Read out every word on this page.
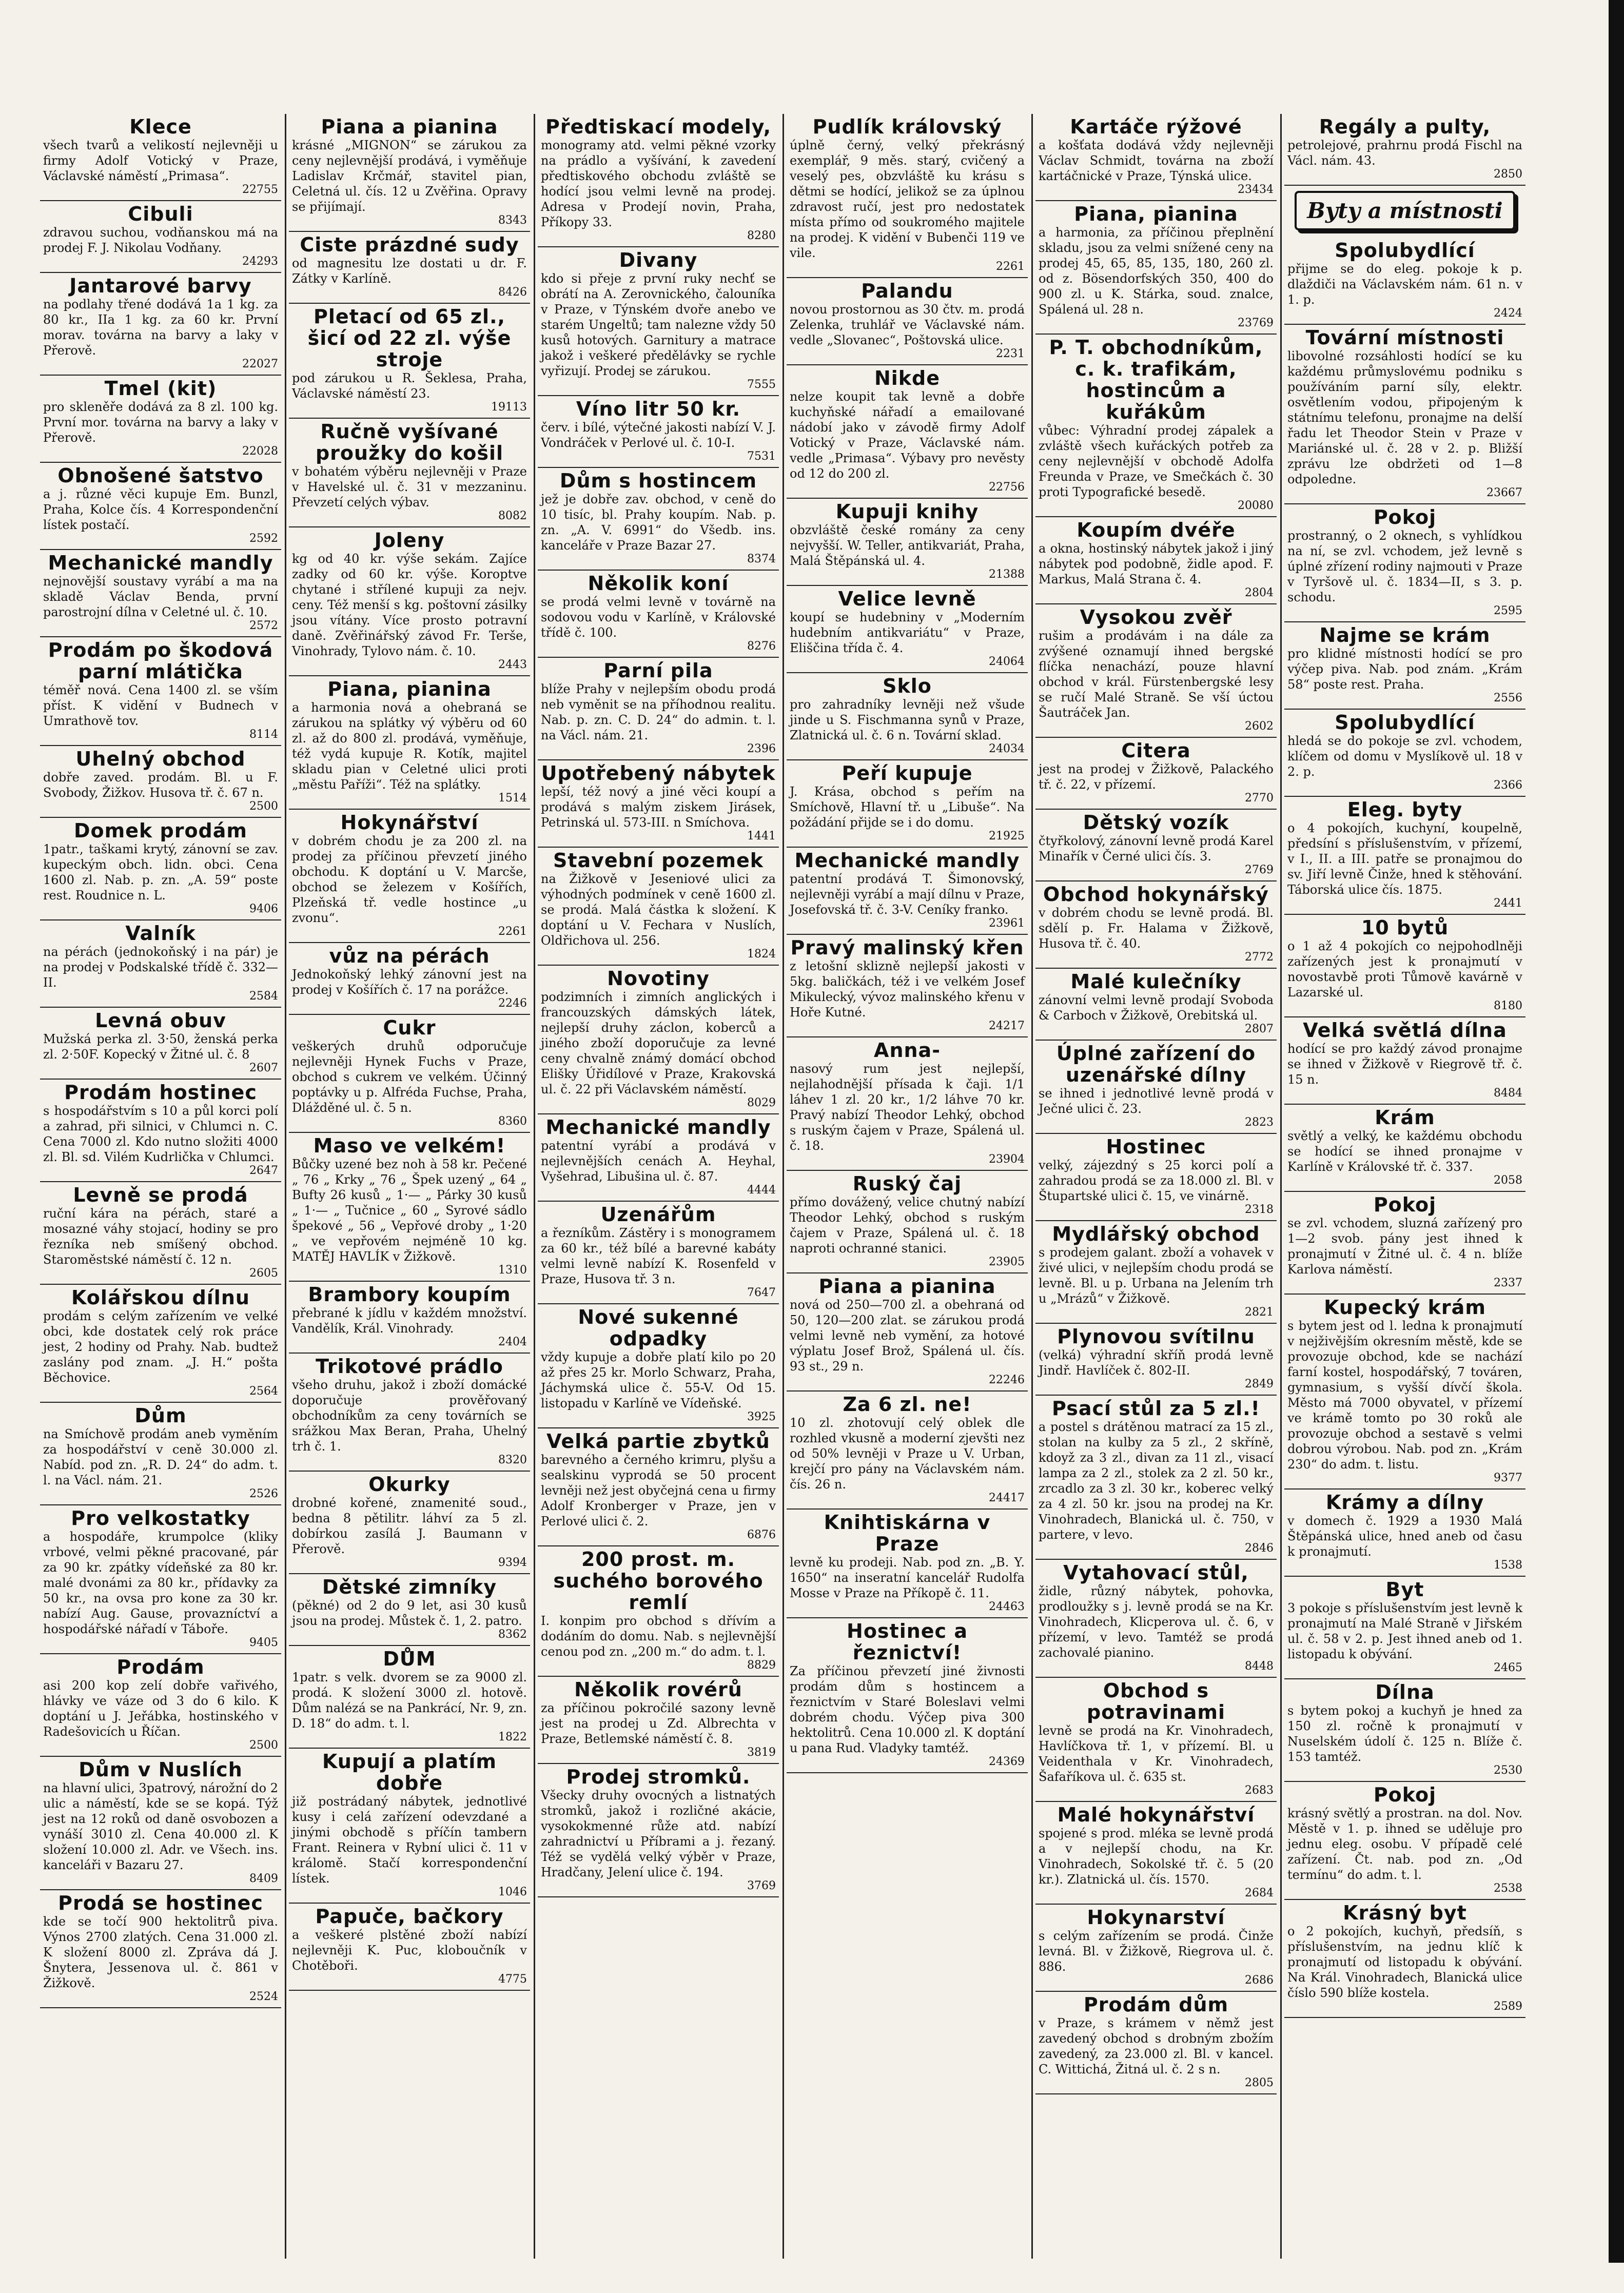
Klece
všech tvarů a velikostí nejlevněji u firmy Adolf Votický v Praze, Václavské náměstí „Primasa“.
22755
Cibuli
zdravou suchou, vodňanskou má na prodej F. J. Nikolau Vodňany.
24293
Jantarové barvy
na podlahy třené dodává 1a 1 kg. za 80 kr., IIa 1 kg. za 60 kr. První morav. továrna na barvy a laky v Přerově.
22027
Tmel (kit)
pro skleněře dodává za 8 zl. 100 kg. První mor. továrna na barvy a laky v Přerově.
22028
Obnošené šatstvo
a j. různé věci kupuje Em. Bunzl, Praha, Kolce čís. 4 Korrespondenční lístek postačí.
2592
Mechanické mandly
nejnovější soustavy vyrábí a ma na skladě Václav Benda, první parostrojní dílna v Celetné ul. č. 10.
2572
Prodám po škodová parní mlátička
téměř nová. Cena 1400 zl. se vším příst. K vidění v Budnech v Umrathově tov.
8114
Uhelný obchod
dobře zaved. prodám. Bl. u F. Svobody, Žižkov. Husova tř. č. 67 n.
2500
Domek prodám
1patr., taškami krytý, zánovní se zav. kupeckým obch. lidn. obci. Cena 1600 zl. Nab. p. zn. „A. 59“ poste rest. Roudnice n. L.
9406
Valník
na pérách (jednokoňský i na pár) je na prodej v Podskalské třídě č. 332—II.
2584
Levná obuv
Mužská perka zl. 3·50, ženská perka zl. 2·50F. Kopecký v Žitné ul. č. 8
2607
Prodám hostinec
s hospodářstvím s 10 a půl korci polí a zahrad, při silnici, v Chlumci n. C. Cena 7000 zl. Kdo nutno složiti 4000 zl. Bl. sd. Vilém Kudrlička v Chlumci.
2647
Levně se prodá
ruční kára na pérách, staré a mosazné váhy stojací, hodiny se pro řezníka neb smíšený obchod. Staroměstské náměstí č. 12 n.
2605
Kolářskou dílnu
prodám s celým zařízením ve velké obci, kde dostatek celý rok práce jest, 2 hodiny od Prahy. Nab. budtež zaslány pod znam. „J. H.“ pošta Běchovice.
2564
Dům
na Smíchově prodám aneb vyměním za hospodářství v ceně 30.000 zl. Nabíd. pod zn. „R. D. 24“ do adm. t. l. na Václ. nám. 21.
2526
Pro velkostatky
a hospodáře, krumpolce (kliky vrbové, velmi pěkné pracované, pár za 90 kr. zpátky vídeňské za 80 kr. malé dvonámi za 80 kr., přídavky za 50 kr., na ovsa pro kone za 30 kr. nabízí Aug. Gause, provazníctví a hospodářské nářadí v Táboře.
9405
Prodám
asi 200 kop zelí dobře vařivého, hlávky ve váze od 3 do 6 kilo. K doptání u J. Jeřábka, hostinského v Radešovicích u Říčan.
2500
Dům v Nuslích
na hlavní ulici, 3patrový, nárožní do 2 ulic a náměstí, kde se se kopá. Týž jest na 12 roků od daně osvobozen a vynáší 3010 zl. Cena 40.000 zl. K složení 10.000 zl. Adr. ve Všech. ins. kanceláři v Bazaru 27.
8409
Prodá se hostinec
kde se točí 900 hektolitrů piva. Výnos 2700 zlatých. Cena 31.000 zl. K složení 8000 zl. Zpráva dá J. Šnytera, Jessenova ul. č. 861 v Žižkově.
2524
Piana a pianina
krásné „MIGNON“ se zárukou za ceny nejlevnější prodává, i vyměňuje Ladislav Krčmář, stavitel pian, Celetná ul. čís. 12 u Zvěřina. Opravy se přijímají.
8343
Ciste prázdné sudy
od magnesitu lze dostati u dr. F. Zátky v Karlíně.
8426
Pletací od 65 zl., šicí od 22 zl. výše stroje
pod zárukou u R. Šeklesa, Praha, Václavské náměstí 23.
19113
Ručně vyšívané proužky do košil
v bohatém výběru nejlevněji v Praze v Havelské ul. č. 31 v mezzaninu. Převzetí celých výbav.
8082
Joleny
kg od 40 kr. výše sekám. Zajíce zadky od 60 kr. výše. Koroptve chytané i střílené kupuji za nejv. ceny. Též menší s kg. poštovní zásilky jsou vítány. Více prosto potravní daně. Zvěřinářský závod Fr. Terše, Vinohrady, Tylovo nám. č. 10.
2443
Piana, pianina
a harmonia nová a ohebraná se zárukou na splátky vý výběru od 60 zl. až do 800 zl. prodává, vyměňuje, též vydá kupuje R. Kotík, majitel skladu pian v Celetné ulici proti „městu Paříži“. Též na splátky.
1514
Hokynářství
v dobrém chodu je za 200 zl. na prodej za příčinou převzetí jiného obchodu. K doptání u V. Marcše, obchod se železem v Košířích, Plzeňská tř. vedle hostince „u zvonu“.
2261
vůz na pérách
Jednokoňský lehký zánovní jest na prodej v Košířích č. 17 na porážce.
2246
Cukr
veškerých druhů odporučuje nejlevněji Hynek Fuchs v Praze, obchod s cukrem ve velkém. Účinný poptávky u p. Alfréda Fuchse, Praha, Dlážděné ul. č. 5 n.
8360
Maso ve velkém!
Bůčky uzené bez noh à 58 kr. Pečené „ 76 „ Krky „ 76 „ Špek uzený „ 64 „ Bufty 26 kusů „ 1·— „ Párky 30 kusů „ 1·— „ Tučnice „ 60 „ Syrové sádlo špekové „ 56 „ Vepřové droby „ 1·20 „ ve vepřovém nejméně 10 kg. MATĚJ HAVLÍK v Žižkově.
1310
Brambory koupím
přebrané k jídlu v každém množství. Vandělík, Král. Vinohrady.
2404
Trikotové prádlo
všeho druhu, jakož i zboží domácké doporučuje prověřovaný obchodníkům za ceny továrních se srážkou Max Beran, Praha, Uhelný trh č. 1.
8320
Okurky
drobné kořené, znamenité soud., bedna 8 pětilitr. láhví za 5 zl. dobírkou zasílá J. Baumann v Přerově.
9394
Dětské zimníky
(pěkné) od 2 do 9 let, asi 30 kusů jsou na prodej. Můstek č. 1, 2. patro.
8362
DŮM
1patr. s velk. dvorem se za 9000 zl. prodá. K složení 3000 zl. hotově. Dům nalézá se na Pankrácí, Nr. 9, zn. D. 18“ do adm. t. l.
1822
Kupují a platím dobře
již postrádaný nábytek, jednotlivé kusy i celá zařízení odevzdané a jinými obchodě s příčín tambern Frant. Reinera v Rybní ulici č. 11 v králomě. Stačí korrespondenční lístek.
1046
Papuče, bačkory
a veškeré plstěné zboží nabízí nejlevněji K. Puc, kloboučník v Chotěboři.
4775
Předtiskací modely,
monogramy atd. velmi pěkné vzorky na prádlo a vyšívání, k zavedení předtiskového obchodu zvláště se hodící jsou velmi levně na prodej. Adresa v Prodejí novin, Praha, Příkopy 33.
8280
Divany
kdo si přeje z první ruky nechť se obrátí na A. Zerovnického, čalouníka v Praze, v Týnském dvoře anebo ve starém Ungeltů; tam nalezne vždy 50 kusů hotových. Garnitury a matrace jakož i veškeré předělávky se rychle vyřizují. Prodej se zárukou.
7555
Víno litr 50 kr.
červ. i bílé, výtečné jakosti nabízí V. J. Vondráček v Perlové ul. č. 10-I.
7531
Dům s hostincem
jež je dobře zav. obchod, v ceně do 10 tisíc, bl. Prahy koupím. Nab. p. zn. „A. V. 6991“ do Všedb. ins. kanceláře v Praze Bazar 27.
8374
Několik koní
se prodá velmi levně v továrně na sodovou vodu v Karlíně, v Královské třídě č. 100.
8276
Parní pila
blíže Prahy v nejlepším obodu prodá neb vyměnit se na příhodnou realitu. Nab. p. zn. C. D. 24“ do admin. t. l. na Václ. nám. 21.
2396
Upotřebený nábytek
lepší, též nový a jiné věci koupí a prodává s malým ziskem Jirásek, Petrinská ul. 573-III. n Smíchova.
1441
Stavební pozemek
na Žižkově v Jeseniové ulici za výhodných podmínek v ceně 1600 zl. se prodá. Malá částka k složení. K doptání u V. Fechara v Nuslích, Oldřichova ul. 256.
1824
Novotiny
podzimních i zimních anglických i francouzských dámských látek, nejlepší druhy záclon, koberců a jiného zboží doporučuje za levné ceny chvalně známý domácí obchod Elišky Úřidílové v Praze, Krakovská ul. č. 22 při Václavském náměstí.
8029
Mechanické mandly
patentní vyrábí a prodává v nejlevnějších cenách A. Heyhal, Vyšehrad, Libušina ul. č. 87.
4444
Uzenářům
a řezníkům. Zástěry i s monogramem za 60 kr., též bílé a barevné kabáty velmi levně nabízí K. Rosenfeld v Praze, Husova tř. 3 n.
7647
Nové sukenné odpadky
vždy kupuje a dobře platí kilo po 20 až přes 25 kr. Morlo Schwarz, Praha, Jáchymská ulice č. 55-V. Od 15. listopadu v Karlíně ve Vídeňské.
3925
Velká partie zbytků
barevného a černého krimru, plyšu a sealskinu vyprodá se 50 procent levněji než jest obyčejná cena u firmy Adolf Kronberger v Praze, jen v Perlové ulici č. 2.
6876
200 prost. m. suchého borového remlí
I. konpim pro obchod s dřívím a dodáním do domu. Nab. s nejlevnější cenou pod zn. „200 m.“ do adm. t. l.
8829
Několik rovérů
za příčinou pokročilé sazony levně jest na prodej u Zd. Albrechta v Praze, Betlemské náměstí č. 8.
3819
Prodej stromků.
Všecky druhy ovocných a listnatých stromků, jakož i rozličné akácie, vysokokmenné růže atd. nabízí zahradnictví u Příbrami a j. řezaný. Též se vydělá velký výběr v Praze, Hradčany, Jelení ulice č. 194.
3769
Pudlík královský
úplně černý, velký překrásný exemplář, 9 měs. starý, cvičený a veselý pes, obzvláště ku krásu s dětmi se hodící, jelikož se za úplnou zdravost ručí, jest pro nedostatek místa přímo od soukromého majitele na prodej. K vidění v Bubenči 119 ve vile.
2261
Palandu
novou prostornou as 30 čtv. m. prodá Zelenka, truhlář ve Václavské nám. vedle „Slovanec“, Poštovská ulice.
2231
Nikde
nelze koupit tak levně a dobře kuchyňské nářadí a emailované nádobí jako v závodě firmy Adolf Votický v Praze, Václavské nám. vedle „Primasa“. Výbavy pro nevěsty od 12 do 200 zl.
22756
Kupuji knihy
obzvláště české romány za ceny nejvyšší. W. Teller, antikvariát, Praha, Malá Štěpánská ul. 4.
21388
Velice levně
koupí se hudebniny v „Moderním hudebním antikvariátu“ v Praze, Eliščina třída č. 4.
24064
Sklo
pro zahradníky levněji než všude jinde u S. Fischmanna synů v Praze, Zlatnická ul. č. 6 n. Tovární sklad.
24034
Peří kupuje
J. Krása, obchod s peřím na Smíchově, Hlavní tř. u „Libuše“. Na požádání přijde se i do domu.
21925
Mechanické mandly
patentní prodává T. Šimonovský, nejlevněji vyrábí a mají dílnu v Praze, Josefovská tř. č. 3-V. Ceníky franko.
23961
Pravý malinský křen
z letošní sklizně nejlepší jakosti v 5kg. baličkách, též i ve velkém Josef Mikulecký, vývoz malinského křenu v Hoře Kutné.
24217
Anna-
nasový rum jest nejlepší, nejlahodnější přísada k čaji. 1/1 láhev 1 zl. 20 kr., 1/2 láhve 70 kr. Pravý nabízí Theodor Lehký, obchod s ruským čajem v Praze, Spálená ul. č. 18.
23904
Ruský čaj
přímo dovážený, velice chutný nabízí Theodor Lehký, obchod s ruským čajem v Praze, Spálená ul. č. 18 naproti ochranné stanici.
23905
Piana a pianina
nová od 250—700 zl. a obehraná od 50, 120—200 zlat. se zárukou prodá velmi levně neb vymění, za hotové výplatu Josef Brož, Spálená ul. čís. 93 st., 29 n.
22246
Za 6 zl. ne!
10 zl. zhotovují celý oblek dle rozhled vkusně a moderní zjevšti nez od 50% levněji v Praze u V. Urban, krejčí pro pány na Václavském nám. čís. 26 n.
24417
Knihtiskárna v Praze
levně ku prodeji. Nab. pod zn. „B. Y. 1650“ na inseratní kancelář Rudolfa Mosse v Praze na Příkopě č. 11.
24463
Hostinec a řeznictví!
Za příčinou převzetí jiné živnosti prodám dům s hostincem a řeznictvím v Staré Boleslavi velmi dobrém chodu. Výčep piva 300 hektolitrů. Cena 10.000 zl. K doptání u pana Rud. Vladyky tamtéž.
24369
Kartáče rýžové
a košťata dodává vždy nejlevněji Václav Schmidt, továrna na zboží kartáčnické v Praze, Týnská ulice.
23434
Piana, pianina
a harmonia, za příčinou přeplnění skladu, jsou za velmi snížené ceny na prodej 45, 65, 85, 135, 180, 260 zl. od z. Bösendorfských 350, 400 do 900 zl. u K. Stárka, soud. znalce, Spálená ul. 28 n.
23769
P. T. obchodníkům, c. k. trafikám, hostincům a kuřákům
vůbec: Výhradní prodej zápalek a zvláště všech kuřáckých potřeb za ceny nejlevnější v obchodě Adolfa Freunda v Praze, ve Smečkách č. 30 proti Typografické besedě.
20080
Koupím dvéře
a okna, hostinský nábytek jakož i jiný nábytek pod podobně, židle apod. F. Markus, Malá Strana č. 4.
2804
Vysokou zvěř
rušim a prodávám i na dále za zvýšené oznamují ihned bergské flíčka nenachází, pouze hlavní obchod v král. Fürstenbergské lesy se ručí Malé Straně. Se vší úctou Šautráček Jan.
2602
Citera
jest na prodej v Žižkově, Palackého tř. č. 22, v přízemí.
2770
Dětský vozík
čtyřkolový, zánovní levně prodá Karel Minařík v Černé ulici čís. 3.
2769
Obchod hokynářský
v dobrém chodu se levně prodá. Bl. sdělí p. Fr. Halama v Žižkově, Husova tř. č. 40.
2772
Malé kulečníky
zánovní velmi levně prodají Svoboda & Carboch v Žižkově, Orebitská ul.
2807
Úplné zařízení do uzenářské dílny
se ihned i jednotlivé levně prodá v Ječné ulici č. 23.
2823
Hostinec
velký, zájezdný s 25 korci polí a zahradou prodá se za 18.000 zl. Bl. v Štupartské ulici č. 15, ve vinárně.
2318
Mydlářský obchod
s prodejem galant. zboží a vohavek v živé ulici, v nejlepším chodu prodá se levně. Bl. u p. Urbana na Jelením trh u „Mrázů“ v Žižkově.
2821
Plynovou svítilnu
(velká) výhradní skříň prodá levně Jindř. Havlíček č. 802-II.
2849
Psací stůl za 5 zl.!
a postel s drátěnou matrací za 15 zl., stolan na kulby za 5 zl., 2 skříně, kdoyž za 3 zl., divan za 11 zl., visací lampa za 2 zl., stolek za 2 zl. 50 kr., zrcadlo za 3 zl. 30 kr., koberec velký za 4 zl. 50 kr. jsou na prodej na Kr. Vinohradech, Blanická ul. č. 750, v partere, v levo.
2846
Vytahovací stůl,
židle, různý nábytek, pohovka, prodloužky s j. levně prodá se na Kr. Vinohradech, Klicperova ul. č. 6, v přízemí, v levo. Tamtéž se prodá zachovalé pianino.
8448
Obchod s potravinami
levně se prodá na Kr. Vinohradech, Havlíčkova tř. 1, v přízemí. Bl. u Veidenthala v Kr. Vinohradech, Šafaříkova ul. č. 635 st.
2683
Malé hokynářství
spojené s prod. mléka se levně prodá a v nejlepší chodu, na Kr. Vinohradech, Sokolské tř. č. 5 (20 kr.). Zlatnická ul. čís. 1570.
2684
Hokynarství
s celým zařízením se prodá. Činže levná. Bl. v Žižkově, Riegrova ul. č. 886.
2686
Prodám dům
v Praze, s krámem v němž jest zavedený obchod s drobným zbožím zavedený, za 23.000 zl. Bl. v kancel. C. Wittichá, Žitná ul. č. 2 s n.
2805
Regály a pulty,
petrolejové, prahrnu prodá Fischl na Václ. nám. 43.
2850
Byty a místnosti
Spolubydlící
přijme se do eleg. pokoje k p. dlaždiči na Václavském nám. 61 n. v 1. p.
2424
Tovární místnosti
libovolné rozsáhlosti hodící se ku každému průmyslovému podniku s používáním parní síly, elektr. osvětlením vodou, připojeným k státnímu telefonu, pronajme na delší řadu let Theodor Stein v Praze v Mariánské ul. č. 28 v 2. p. Bližší zprávu lze obdržeti od 1—8 odpoledne.
23667
Pokoj
prostranný, o 2 oknech, s vyhlídkou na ní, se zvl. vchodem, jež levně s úplné zřízení rodiny najmouti v Praze v Tyršově ul. č. 1834—II, s 3. p. schodu.
2595
Najme se krám
pro klidné místnosti hodící se pro výčep piva. Nab. pod znám. „Krám 58“ poste rest. Praha.
2556
Spolubydlící
hledá se do pokoje se zvl. vchodem, klíčem od domu v Myslíkově ul. 18 v 2. p.
2366
Eleg. byty
o 4 pokojích, kuchyní, koupelně, předsíní s příslušenstvím, v přízemí, v I., II. a III. patře se pronajmou do sv. Jiří levně Činže, hned k stěhování. Táborská ulice čís. 1875.
2441
10 bytů
o 1 až 4 pokojích co nejpohodlněji zařízených jest k pronajmutí v novostavbě proti Tůmově kavárně v Lazarské ul.
8180
Velká světlá dílna
hodící se pro každý závod pronajme se ihned v Žižkově v Riegrově tř. č. 15 n.
8484
Krám
světlý a velký, ke každému obchodu se hodící se ihned pronajme v Karlíně v Královské tř. č. 337.
2058
Pokoj
se zvl. vchodem, sluzná zařízený pro 1—2 svob. pány jest ihned k pronajmutí v Žitné ul. č. 4 n. blíže Karlova náměstí.
2337
Kupecký krám
s bytem jest od l. ledna k pronajmutí v nejživějším okresním městě, kde se provozuje obchod, kde se nachází farní kostel, hospodářský, 7 továren, gymnasium, s vyšší dívčí škola. Město má 7000 obyvatel, v přízemí ve krámě tomto po 30 roků ale provozuje obchod a sestavě s velmi dobrou výrobou. Nab. pod zn. „Krám 230“ do adm. t. listu.
9377
Krámy a dílny
v domech č. 1929 a 1930 Malá Štěpánská ulice, hned aneb od času k pronajmutí.
1538
Byt
3 pokoje s příslušenstvím jest levně k pronajmutí na Malé Straně v Jiřském ul. č. 58 v 2. p. Jest ihned aneb od 1. listopadu k obývání.
2465
Dílna
s bytem pokoj a kuchyň je hned za 150 zl. ročně k pronajmutí v Nuselském údolí č. 125 n. Blíže č. 153 tamtéž.
2530
Pokoj
krásný světlý a prostran. na dol. Nov. Městě v 1. p. ihned se uděluje pro jednu eleg. osobu. V případě celé zařízení. Čt. nab. pod zn. „Od termínu“ do adm. t. l.
2538
Krásný byt
o 2 pokojích, kuchyň, předsíň, s příslušenstvím, na jednu klíč k pronajmutí od listopadu k obývání. Na Král. Vinohradech, Blanická ulice číslo 590 blíže kostela.
2589
